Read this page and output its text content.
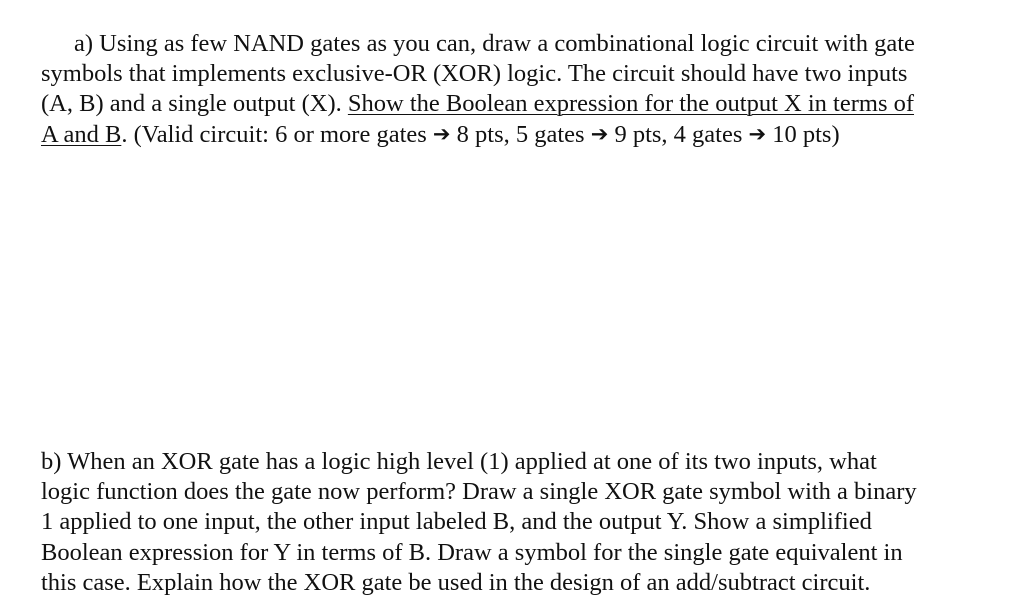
a) Using as few NAND gates as you can, draw a combinational logic circuit with gate
symbols that implements exclusive-OR (XOR) logic. The circuit should have two inputs
(A, B) and a single output (X). Show the Boolean expression for the output X in terms of
A and B. (Valid circuit: 6 or more gates ➔ 8 pts, 5 gates ➔ 9 pts, 4 gates ➔ 10 pts)
b) When an XOR gate has a logic high level (1) applied at one of its two inputs, what
logic function does the gate now perform? Draw a single XOR gate symbol with a binary
1 applied to one input, the other input labeled B, and the output Y. Show a simplified
Boolean expression for Y in terms of B. Draw a symbol for the single gate equivalent in
this case. Explain how the XOR gate be used in the design of an add/subtract circuit.
